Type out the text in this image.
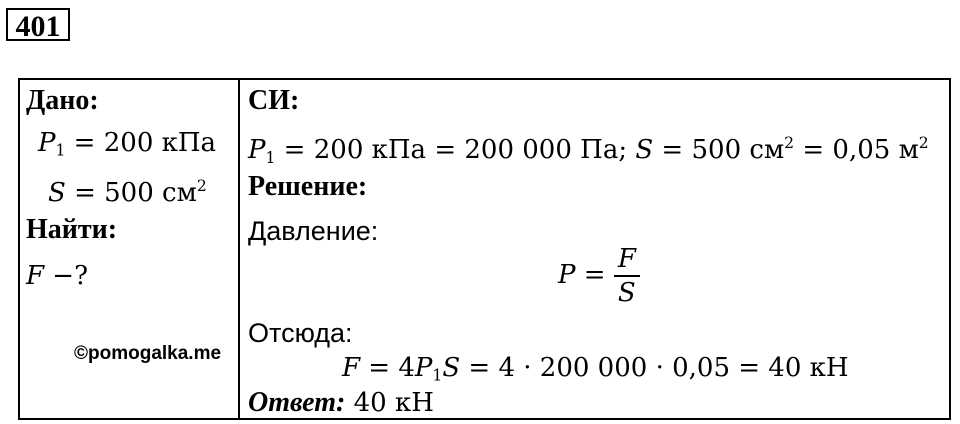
401
Дано:
$P_1 = 200$ кПа
S = 500 $см^2$
Найти:
F −?
©pomogalka.me
СИ:
$P_1 = 200$ кПа = 200 000 Па; S = 500 $см^2 = 0,05$ $м^2$
Решение:
Давление:
$P = \frac{F}{S}$
Отсюда:
$F = 4P_1S = 4 \cdot 200$ 000 · 0,05 = 40 кН
Ответ: 40 кН
